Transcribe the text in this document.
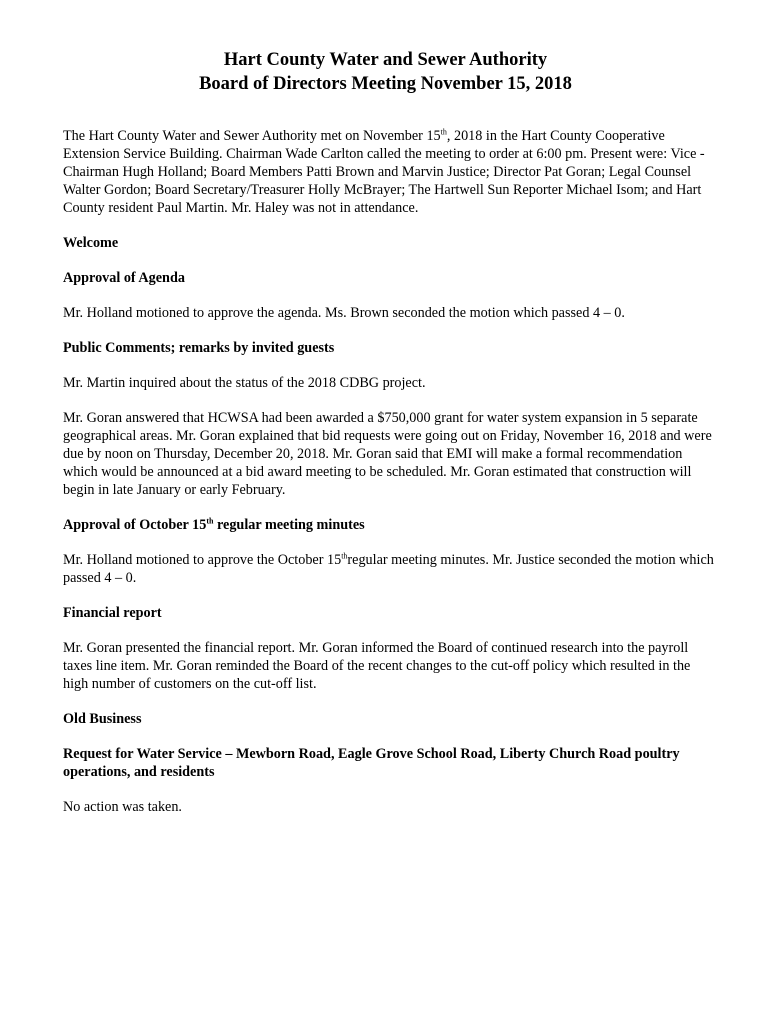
Hart County Water and Sewer Authority
Board of Directors Meeting November 15, 2018

The Hart County Water and Sewer Authority met on November 15th, 2018 in the Hart County Cooperative Extension Service Building. Chairman Wade Carlton called the meeting to order at 6:00 pm. Present were: Vice - Chairman Hugh Holland; Board Members Patti Brown and Marvin Justice; Director Pat Goran; Legal Counsel Walter Gordon; Board Secretary/Treasurer Holly McBrayer; The Hartwell Sun Reporter Michael Isom; and Hart County resident Paul Martin. Mr. Haley was not in attendance.

Welcome

Approval of Agenda

Mr. Holland motioned to approve the agenda. Ms. Brown seconded the motion which passed 4 – 0.

Public Comments; remarks by invited guests

Mr. Martin inquired about the status of the 2018 CDBG project.

Mr. Goran answered that HCWSA had been awarded a $750,000 grant for water system expansion in 5 separate geographical areas. Mr. Goran explained that bid requests were going out on Friday, November 16, 2018 and were due by noon on Thursday, December 20, 2018. Mr. Goran said that EMI will make a formal recommendation which would be announced at a bid award meeting to be scheduled. Mr. Goran estimated that construction will begin in late January or early February.

Approval of October 15th regular meeting minutes

Mr. Holland motioned to approve the October 15thregular meeting minutes. Mr. Justice seconded the motion which passed 4 – 0.

Financial report

Mr. Goran presented the financial report. Mr. Goran informed the Board of continued research into the payroll taxes line item. Mr. Goran reminded the Board of the recent changes to the cut-off policy which resulted in the high number of customers on the cut-off list.

Old Business

Request for Water Service – Mewborn Road, Eagle Grove School Road, Liberty Church Road poultry operations, and residents

No action was taken.
